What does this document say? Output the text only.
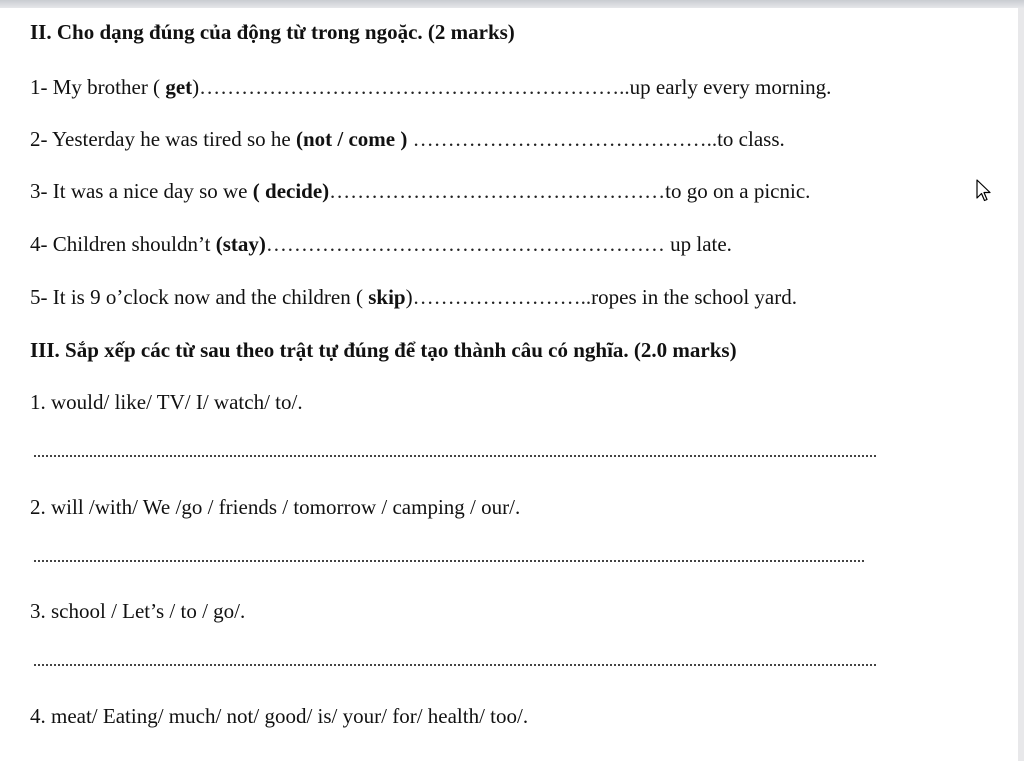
II. Cho dạng đúng của động từ trong ngoặc. (2 marks)
1- My brother ( get)……………………………………………………..up early every morning.
2- Yesterday he was tired so he (not / come ) ……………………………………..to class.
3- It was a nice day so we ( decide)…………………………………………to go on a picnic.
4- Children shouldn’t (stay)………………………………………………… up late.
5- It is 9 o’clock now and the children ( skip)……………………..ropes in the school yard.
III. Sắp xếp các từ sau theo trật tự đúng để tạo thành câu có nghĩa. (2.0 marks)
1. would/ like/ TV/ I/ watch/ to/.
2. will /with/ We /go / friends / tomorrow / camping / our/.
3. school / Let’s / to / go/.
4. meat/ Eating/ much/ not/ good/ is/ your/ for/ health/ too/.
